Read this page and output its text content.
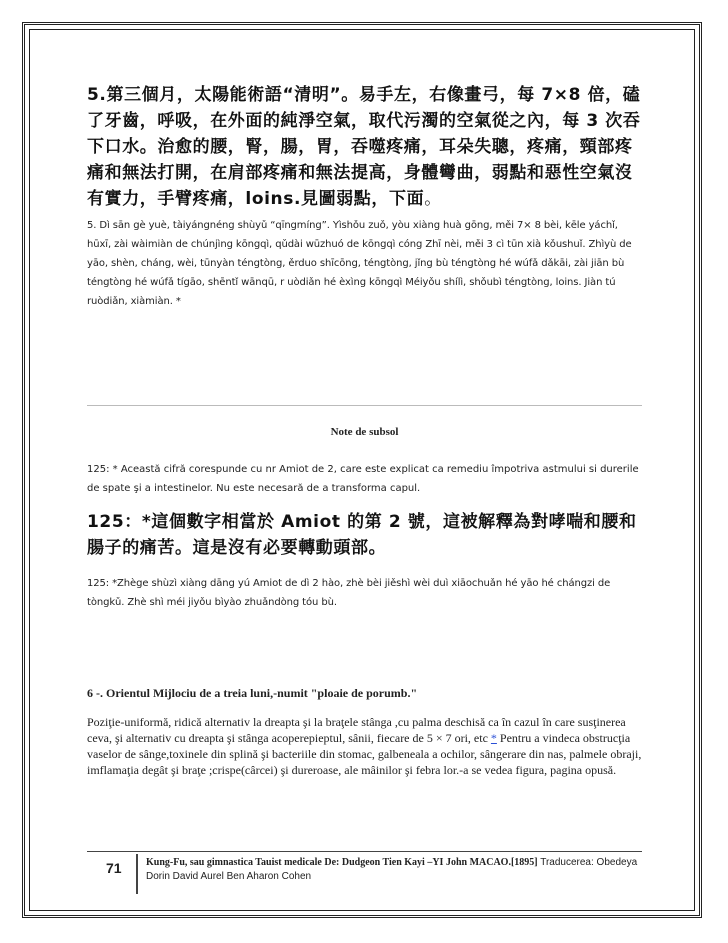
5.第三個月，太陽能術語“清明”。易手左，右像畫弓，每 7×8 倍，磕了牙齒，呼吸，在外面的純淨空氣，取代污濁的空氣從之內，每 3 次吞下口水。治愈的腰，腎，腸，胃，吞噬疼痛，耳朵失聰，疼痛，頸部疼痛和無法打開，在肩部疼痛和無法提高，身體彎曲，弱點和惡性空氣沒有實力，手臂疼痛，loins.見圖弱點，下面。

5. Dì sān gè yuè, tàiyángnéng shùyǔ “qīngmíng”. Yìshǒu zuǒ, yòu xiàng huà gōng, měi 7× 8 bèi, kēle yáchǐ, hūxī, zài wàimiàn de chúnjìng kōngqì, qǔdài wūzhuó de kōngqì cóng Zhī nèi, měi 3 cì tūn xià kǒushuǐ. Zhìyù de yāo, shèn, cháng, wèi, tūnyàn téngtòng, ěrduo shīcōng, téngtòng, jǐng bù téngtòng hé wúfǎ dǎkāi, zài jiān bù téngtòng hé wúfǎ tígāo, shēntǐ wānqū, r uòdiǎn hé èxìng kōngqì Méiyǒu shílì, shǒubì téngtòng, loins. Jiàn tú ruòdiǎn, xiàmiàn. *

Note de subsol

125: * Această cifră corespunde cu nr Amiot de 2, care este explicat ca remediu împotriva astmului si durerile de spate şi a intestinelor. Nu este necesară de a transforma capul.

125：*這個數字相當於 Amiot 的第 2 號，這被解釋為對哮喘和腰和腸子的痛苦。這是沒有必要轉動頭部。

125: *Zhège shùzì xiàng dāng yú Amiot de dì 2 hào, zhè bèi jiěshì wèi duì xiāochuǎn hé yāo hé chángzi de tòngkǔ. Zhè shì méi jiyǒu bìyào zhuǎndòng tóu bù.

6 -. Orientul Mijlociu de a treia luni,-numit "ploaie de porumb."

Poziţie-uniformă, ridică alternativ la dreapta şi la braţele stânga ,cu palma deschisă ca în cazul în care susţinerea ceva, şi alternativ cu dreapta şi stânga acoperepieptul, sânii, fiecare de 5 × 7 ori, etc * Pentru a vindeca obstrucţia vaselor de sânge,toxinele din splină şi bacteriile din stomac, galbeneala a ochilor, sângerare din nas, palmele obraji, imflamaţia degât şi braţe ;crispe(cârcei) şi dureroase, ale mâinilor şi febra lor.-a se vedea figura, pagina opusă.

71 Kung-Fu, sau gimnastica Tauist medicale De: Dudgeon Tien Kayi –YI John MACAO.[1895] Traducerea: Obedeya Dorin David Aurel Ben Aharon Cohen
